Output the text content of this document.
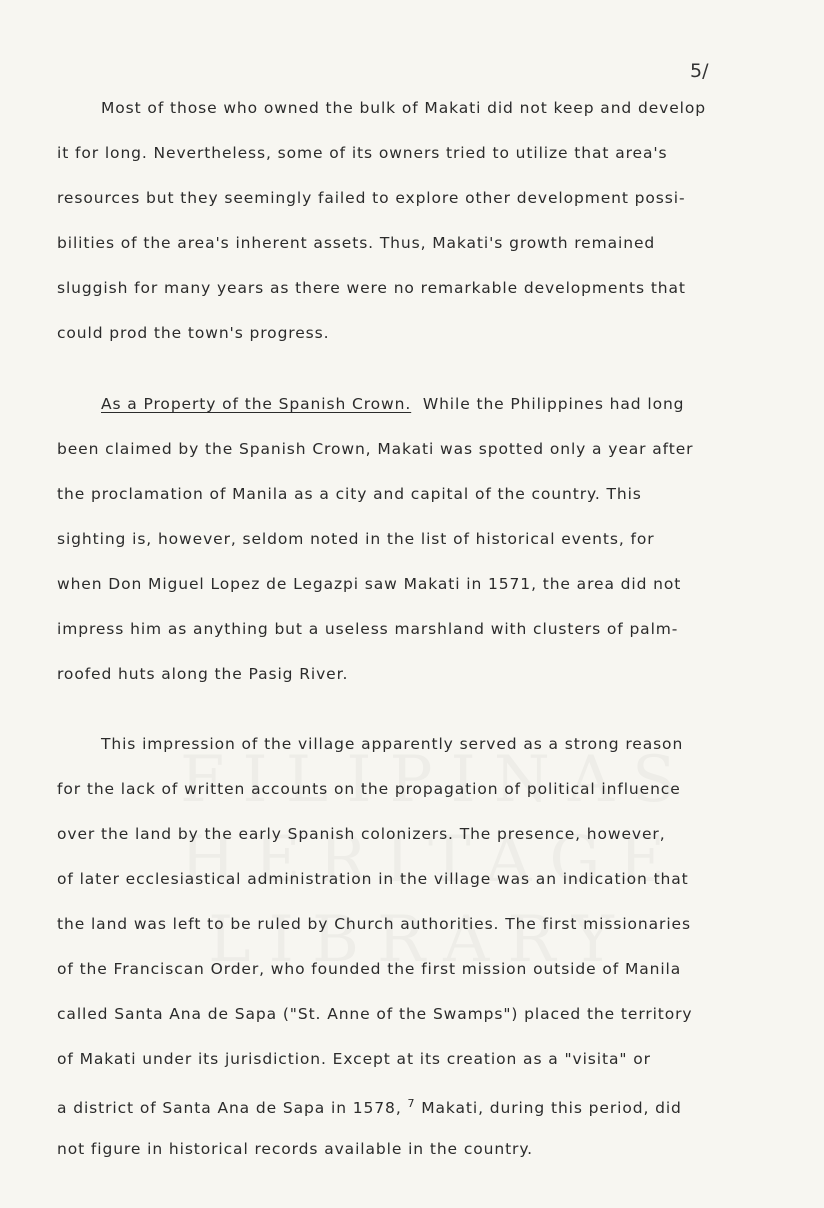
5/
Most of those who owned the bulk of Makati did not keep and develop
it for long. Nevertheless, some of its owners tried to utilize that area's
resources but they seemingly failed to explore other development possi-
bilities of the area's inherent assets. Thus, Makati's growth remained
sluggish for many years as there were no remarkable developments that
could prod the town's progress.
As a Property of the Spanish Crown. While the Philippines had long
been claimed by the Spanish Crown, Makati was spotted only a year after
the proclamation of Manila as a city and capital of the country. This
sighting is, however, seldom noted in the list of historical events, for
when Don Miguel Lopez de Legazpi saw Makati in 1571, the area did not
impress him as anything but a useless marshland with clusters of palm-
roofed huts along the Pasig River.
This impression of the village apparently served as a strong reason
for the lack of written accounts on the propagation of political influence
over the land by the early Spanish colonizers. The presence, however,
of later ecclesiastical administration in the village was an indication that
the land was left to be ruled by Church authorities. The first missionaries
of the Franciscan Order, who founded the first mission outside of Manila
called Santa Ana de Sapa ("St. Anne of the Swamps") placed the territory
of Makati under its jurisdiction. Except at its creation as a "visita" or
a district of Santa Ana de Sapa in 1578, $^7$ Makati, during this period, did
not figure in historical records available in the country.
